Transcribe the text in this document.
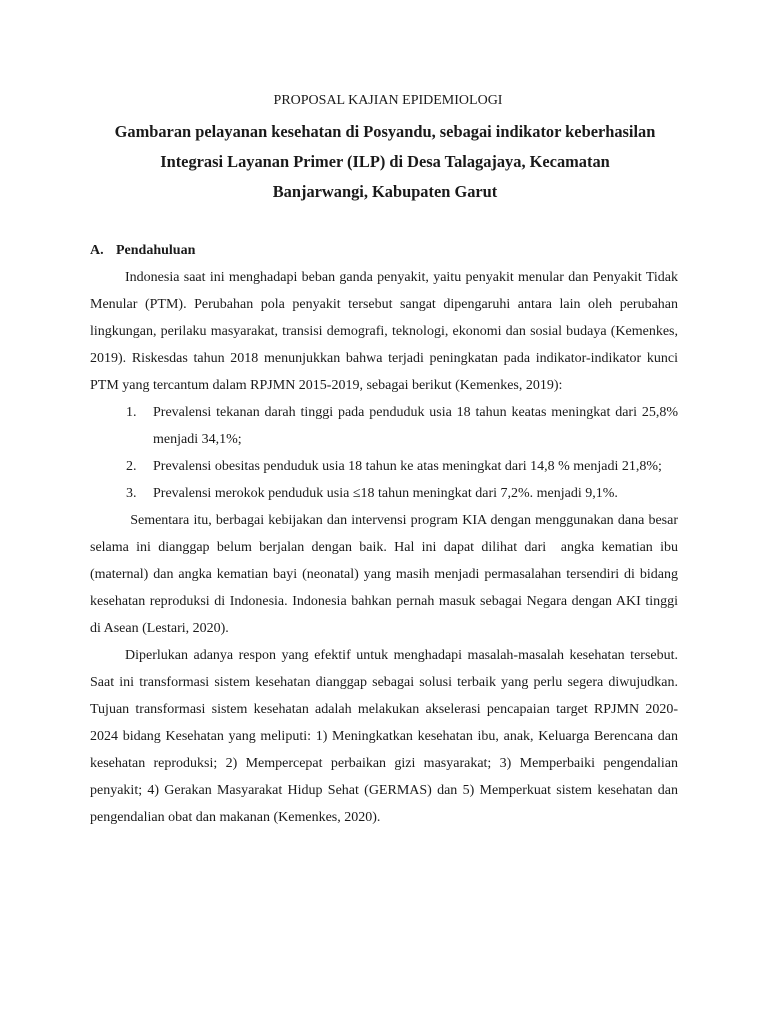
PROPOSAL KAJIAN EPIDEMIOLOGI

Gambaran pelayanan kesehatan di Posyandu, sebagai indikator keberhasilan
Integrasi Layanan Primer (ILP) di Desa Talagajaya, Kecamatan
Banjarwangi, Kabupaten Garut
A. Pendahuluan

Indonesia saat ini menghadapi beban ganda penyakit, yaitu penyakit menular dan Penyakit Tidak Menular (PTM). Perubahan pola penyakit tersebut sangat dipengaruhi antara lain oleh perubahan lingkungan, perilaku masyarakat, transisi demografi, teknologi, ekonomi dan sosial budaya (Kemenkes, 2019). Riskesdas tahun 2018 menunjukkan bahwa terjadi peningkatan pada indikator-indikator kunci PTM yang tercantum dalam RPJMN 2015-2019, sebagai berikut (Kemenkes, 2019):

1.	Prevalensi tekanan darah tinggi pada penduduk usia 18 tahun keatas meningkat dari 25,8% menjadi 34,1%;
2.	Prevalensi obesitas penduduk usia 18 tahun ke atas meningkat dari 14,8 % menjadi 21,8%;
3.	Prevalensi merokok penduduk usia ≤18 tahun meningkat dari 7,2%. menjadi 9,1%.

Sementara itu, berbagai kebijakan dan intervensi program KIA dengan menggunakan dana besar selama ini dianggap belum berjalan dengan baik. Hal ini dapat dilihat dari  angka kematian ibu (maternal) dan angka kematian bayi (neonatal) yang masih menjadi permasalahan tersendiri di bidang kesehatan reproduksi di Indonesia. Indonesia bahkan pernah masuk sebagai Negara dengan AKI tinggi di Asean (Lestari, 2020).

Diperlukan adanya respon yang efektif untuk menghadapi masalah-masalah kesehatan tersebut. Saat ini transformasi sistem kesehatan dianggap sebagai solusi terbaik yang perlu segera diwujudkan. Tujuan transformasi sistem kesehatan adalah melakukan akselerasi pencapaian target RPJMN 2020-2024 bidang Kesehatan yang meliputi: 1) Meningkatkan kesehatan ibu, anak, Keluarga Berencana dan kesehatan reproduksi; 2) Mempercepat perbaikan gizi masyarakat; 3) Memperbaiki pengendalian penyakit; 4) Gerakan Masyarakat Hidup Sehat (GERMAS) dan 5) Memperkuat sistem kesehatan dan pengendalian obat dan makanan (Kemenkes, 2020).
